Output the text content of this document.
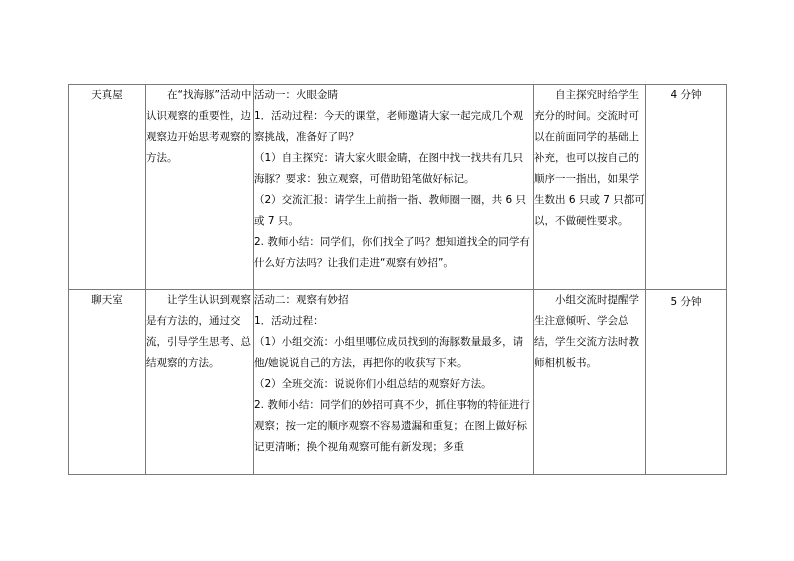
天真屋	在“找海豚”活动中认识观察的重要性，边观察边开始思考观察的方法。	活动一：火眼金睛

1．活动过程：今天的课堂，老师邀请大家一起完成几个观察挑战，准备好了吗？

（1）自主探究：请大家火眼金睛，在图中找一找共有几只海豚？要求：独立观察，可借助铅笔做好标记。

（2）交流汇报：请学生上前指一指、教师圈一圈，共 6 只或 7 只。

2. 教师小结：同学们，你们找全了吗？想知道找全的同学有什么好方法吗？让我们走进“观察有妙招”。	自主探究时给学生充分的时间。交流时可以在前面同学的基础上补充，也可以按自己的顺序一一指出，如果学生数出 6 只或 7 只都可以，不做硬性要求。	4 分钟
聊天室	让学生认识到观察是有方法的，通过交流，引导学生思考、总结观察的方法。	活动二：观察有妙招

1．活动过程：

（1）小组交流：小组里哪位成员找到的海豚数量最多，请他/她说说自己的方法，再把你的收获写下来。

（2）全班交流：说说你们小组总结的观察好方法。

2. 教师小结：同学们的妙招可真不少，抓住事物的特征进行观察；按一定的顺序观察不容易遗漏和重复；在图上做好标记更清晰；换个视角观察可能有新发现；多重	小组交流时提醒学生注意倾听、学会总结，学生交流方法时教师相机板书。	5 分钟
